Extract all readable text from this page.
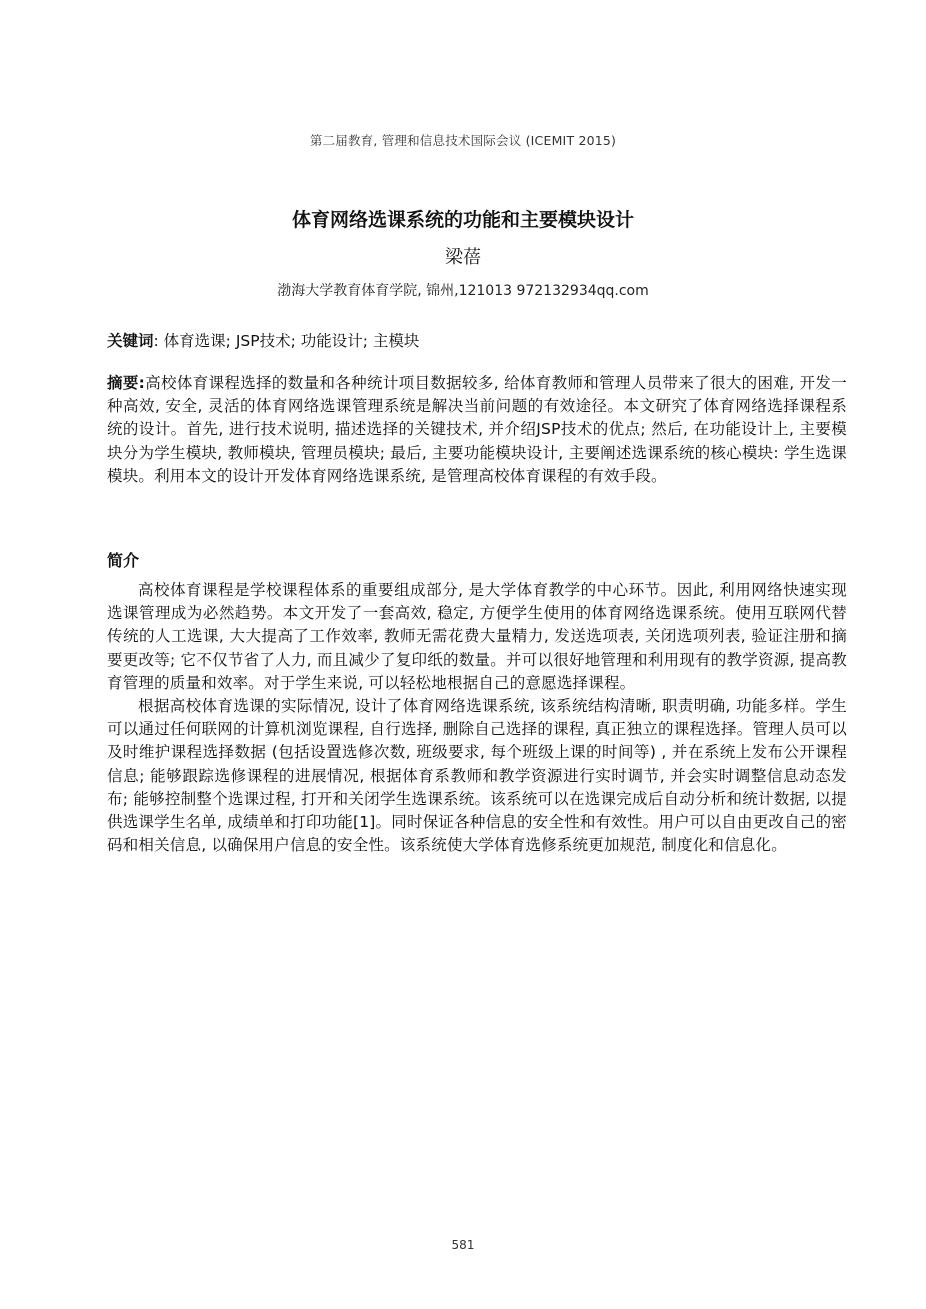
第二届教育, 管理和信息技术国际会议 (ICEMIT 2015)
体育网络选课系统的功能和主要模块设计
梁蓓
渤海大学教育体育学院, 锦州,121013 972132934qq.com
关键词: 体育选课; JSP技术; 功能设计; 主模块
摘要:高校体育课程选择的数量和各种统计项目数据较多, 给体育教师和管理人员带来了很大的困难, 开发一种高效, 安全, 灵活的体育网络选课管理系统是解决当前问题的有效途径。本文研究了体育网络选择课程系统的设计。首先, 进行技术说明, 描述选择的关键技术, 并介绍JSP技术的优点; 然后, 在功能设计上, 主要模块分为学生模块, 教师模块, 管理员模块; 最后, 主要功能模块设计, 主要阐述选课系统的核心模块: 学生选课模块。利用本文的设计开发体育网络选课系统, 是管理高校体育课程的有效手段。
简介

高校体育课程是学校课程体系的重要组成部分, 是大学体育教学的中心环节。因此, 利用网络快速实现选课管理成为必然趋势。本文开发了一套高效, 稳定, 方便学生使用的体育网络选课系统。使用互联网代替传统的人工选课, 大大提高了工作效率, 教师无需花费大量精力, 发送选项表, 关闭选项列表, 验证注册和摘要更改等; 它不仅节省了人力, 而且减少了复印纸的数量。并可以很好地管理和利用现有的教学资源, 提高教育管理的质量和效率。对于学生来说, 可以轻松地根据自己的意愿选择课程。

根据高校体育选课的实际情况, 设计了体育网络选课系统, 该系统结构清晰, 职责明确, 功能多样。学生可以通过任何联网的计算机浏览课程, 自行选择, 删除自己选择的课程, 真正独立的课程选择。管理人员可以及时维护课程选择数据 (包括设置选修次数, 班级要求, 每个班级上课的时间等) , 并在系统上发布公开课程信息; 能够跟踪选修课程的进展情况, 根据体育系教师和教学资源进行实时调节, 并会实时调整信息动态发布; 能够控制整个选课过程, 打开和关闭学生选课系统。该系统可以在选课完成后自动分析和统计数据, 以提供选课学生名单, 成绩单和打印功能[1]。同时保证各种信息的安全性和有效性。用户可以自由更改自己的密码和相关信息, 以确保用户信息的安全性。该系统使大学体育选修系统更加规范, 制度化和信息化。

581
